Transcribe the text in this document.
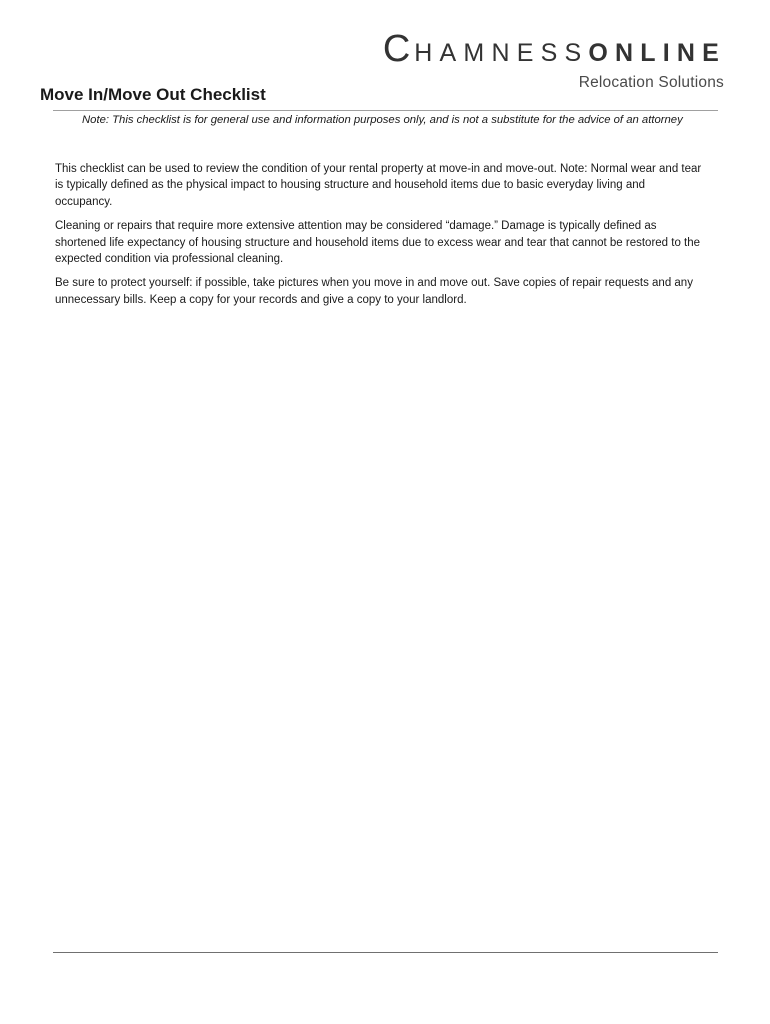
CHAMNESSONLINE
Relocation Solutions
Move In/Move Out Checklist
Note: This checklist is for general use and information purposes only, and is not a substitute for the advice of an attorney

This checklist can be used to review the condition of your rental property at move-in and move-out. Note: Normal wear and tear is typically defined as the physical impact to housing structure and household items due to basic everyday living and occupancy.

Cleaning or repairs that require more extensive attention may be considered “damage.” Damage is typically defined as shortened life expectancy of housing structure and household items due to excess wear and tear that cannot be restored to the expected condition via professional cleaning.

Be sure to protect yourself: if possible, take pictures when you move in and move out. Save copies of repair requests and any unnecessary bills. Keep a copy for your records and give a copy to your landlord.
